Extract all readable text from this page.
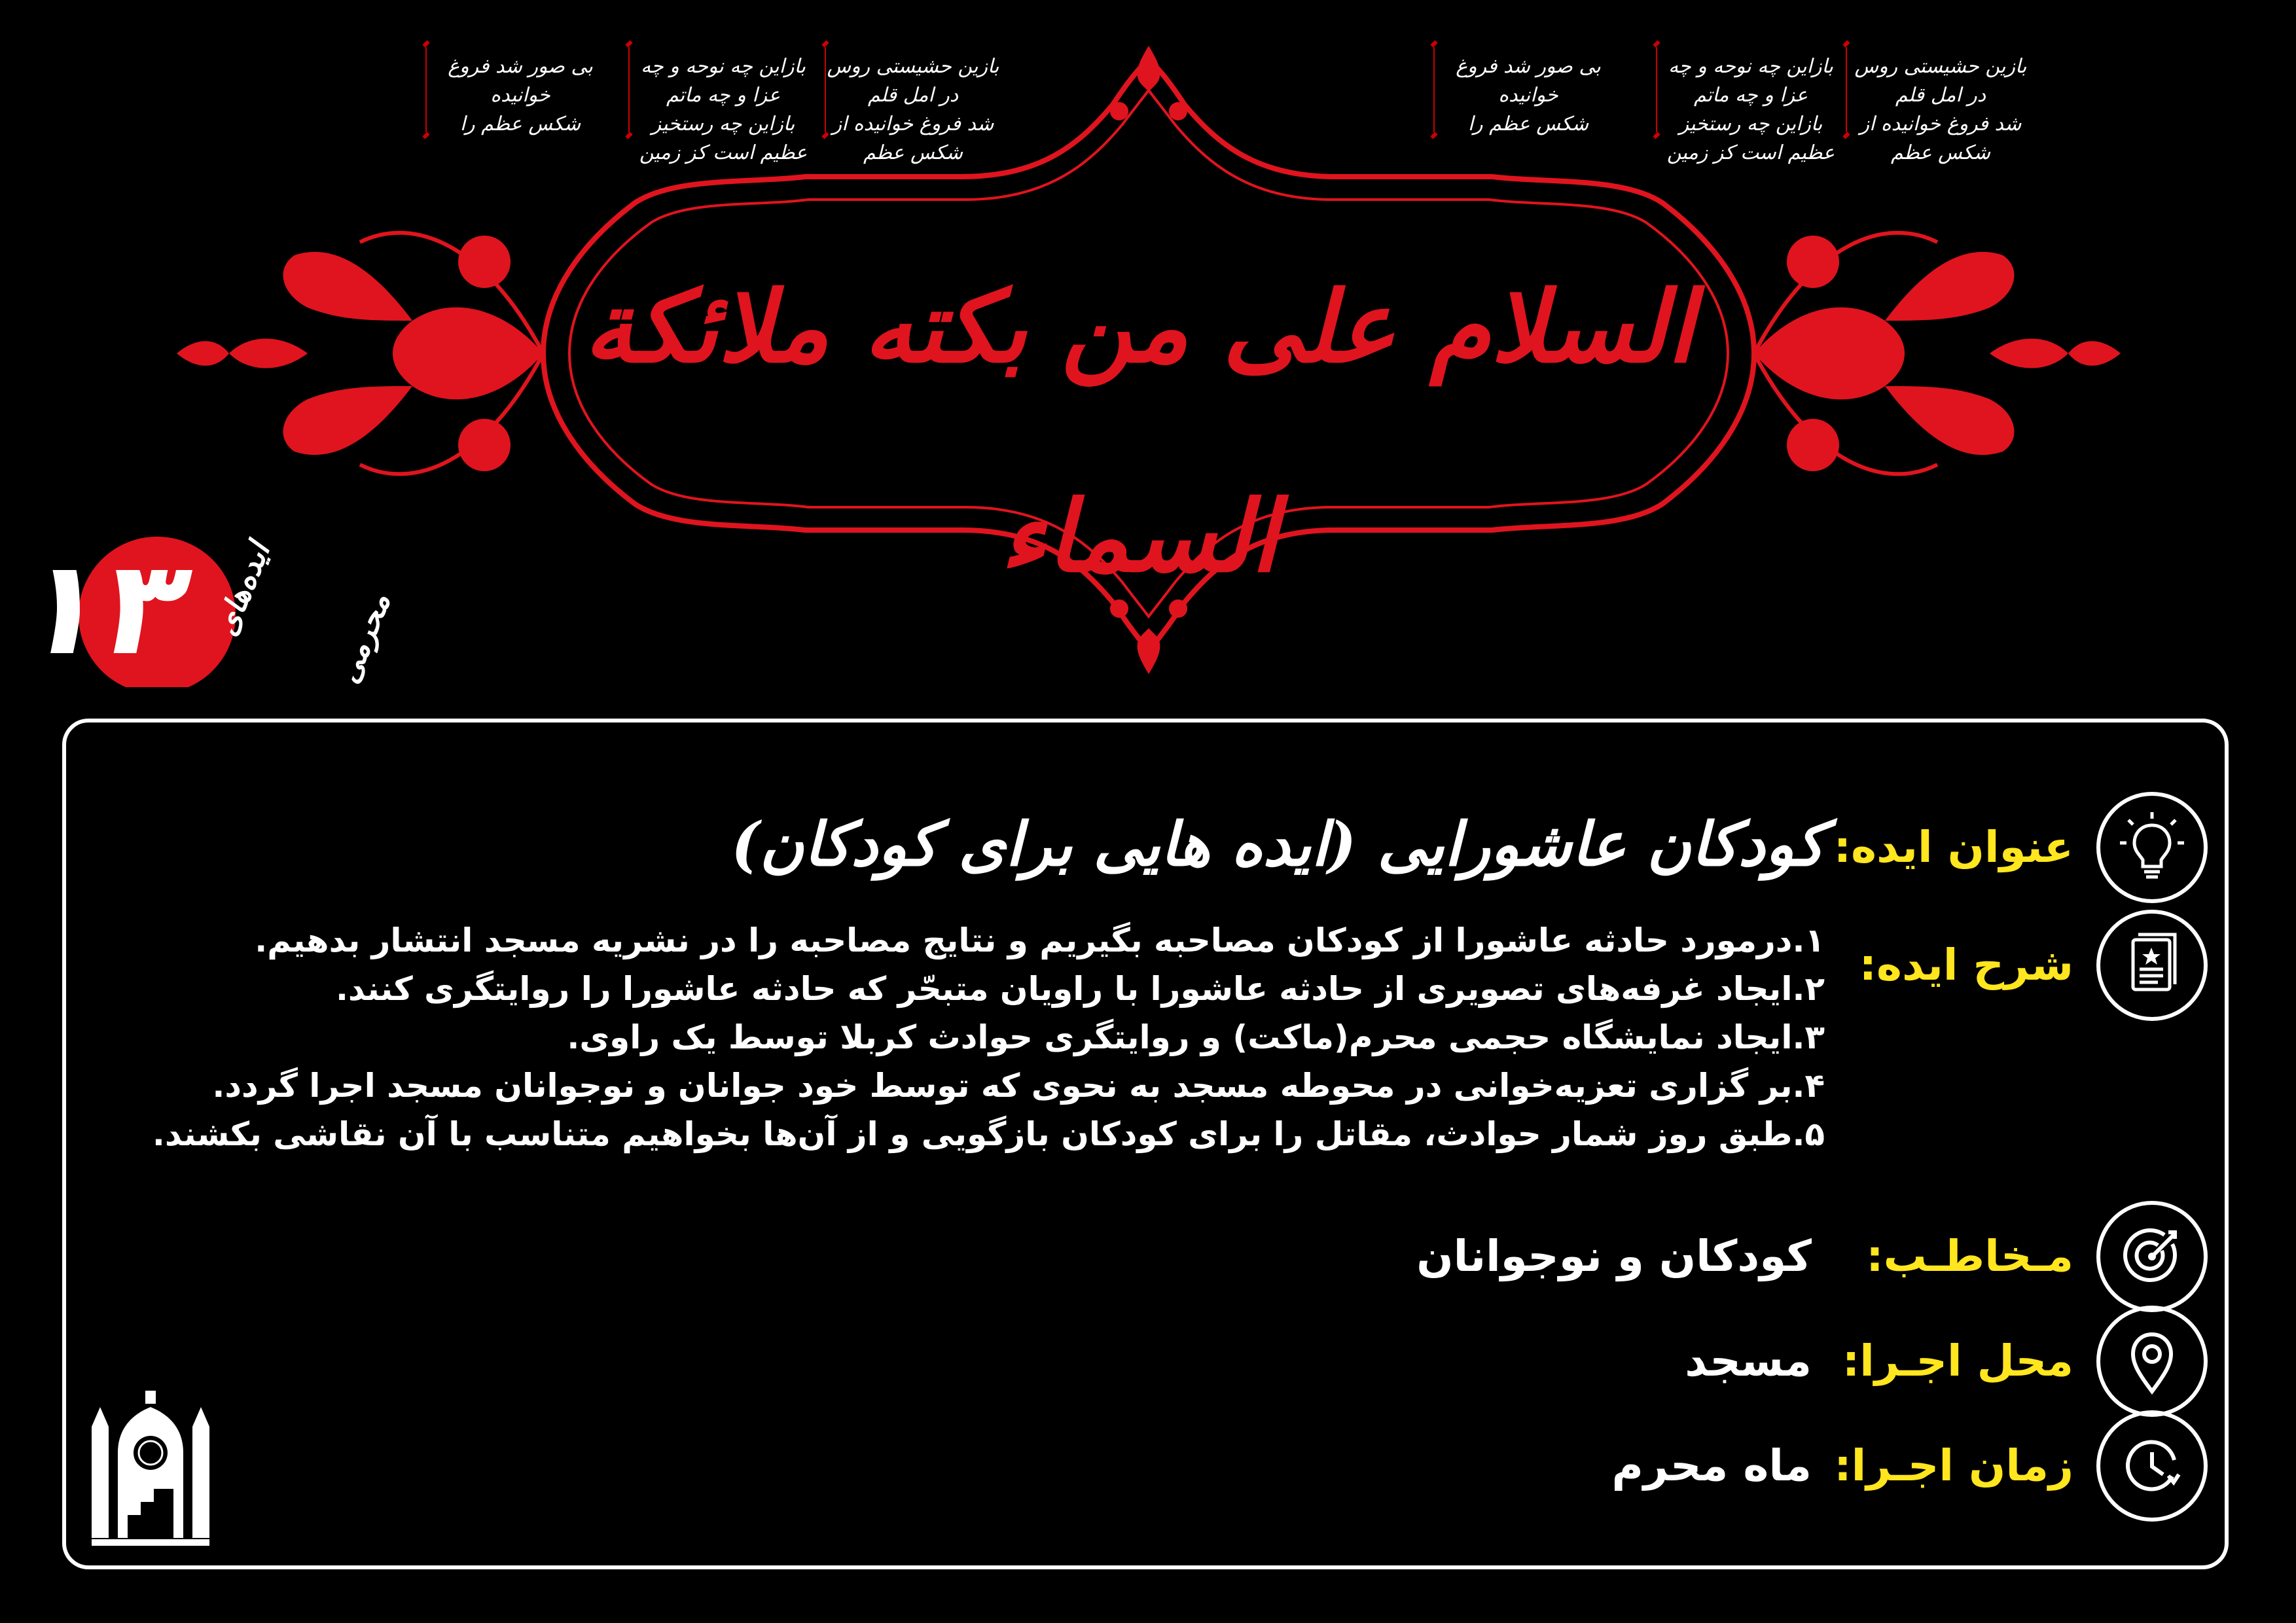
بازین حشیستی روس در امل قلم
شد فروغ خوانیده از شکس عظم
بازاین چه نوحه و چه عزا و چه ماتم
بازاین چه رستخیز عظیم است کز زمین
بی صور شد فروغ خوانیده
شکس عظم را
بازین حشیستی روس در امل قلم
شد فروغ خوانیده از شکس عظم
بازاین چه نوحه و چه عزا و چه ماتم
بازاین چه رستخیز عظیم است کز زمین
بی صور شد فروغ خوانیده
شکس عظم را
السلام علی من بکته ملائکة السماء
۱۳ ایده‌های محرمی
عنوان ایده:
کودکان عاشورایی (ایده هایی برای کودکان)
شرح ایده:
۱.درمورد حادثه عاشورا از کودکان مصاحبه بگیریم و نتایج مصاحبه را در نشریه مسجد انتشار بدهیم.
۲.ایجاد غرفه‌های تصویری از حادثه عاشورا با راویان متبحّر که حادثه عاشورا را روایتگری کنند.
۳.ایجاد نمایشگاه حجمی محرم(ماکت) و روایتگری حوادث کربلا توسط یک راوی.
۴.بر گزاری تعزیه‌خوانی در محوطه مسجد به نحوی که توسط خود جوانان و نوجوانان مسجد اجرا گردد.
۵.طبق روز شمار حوادث، مقاتل را برای کودکان بازگویی و از آن‌ها بخواهیم متناسب با آن نقاشی بکشند.
مـخاطـب:
کودکان و نوجوانان
محل اجـرا:
مسجد
زمان اجـرا:
ماه محرم
